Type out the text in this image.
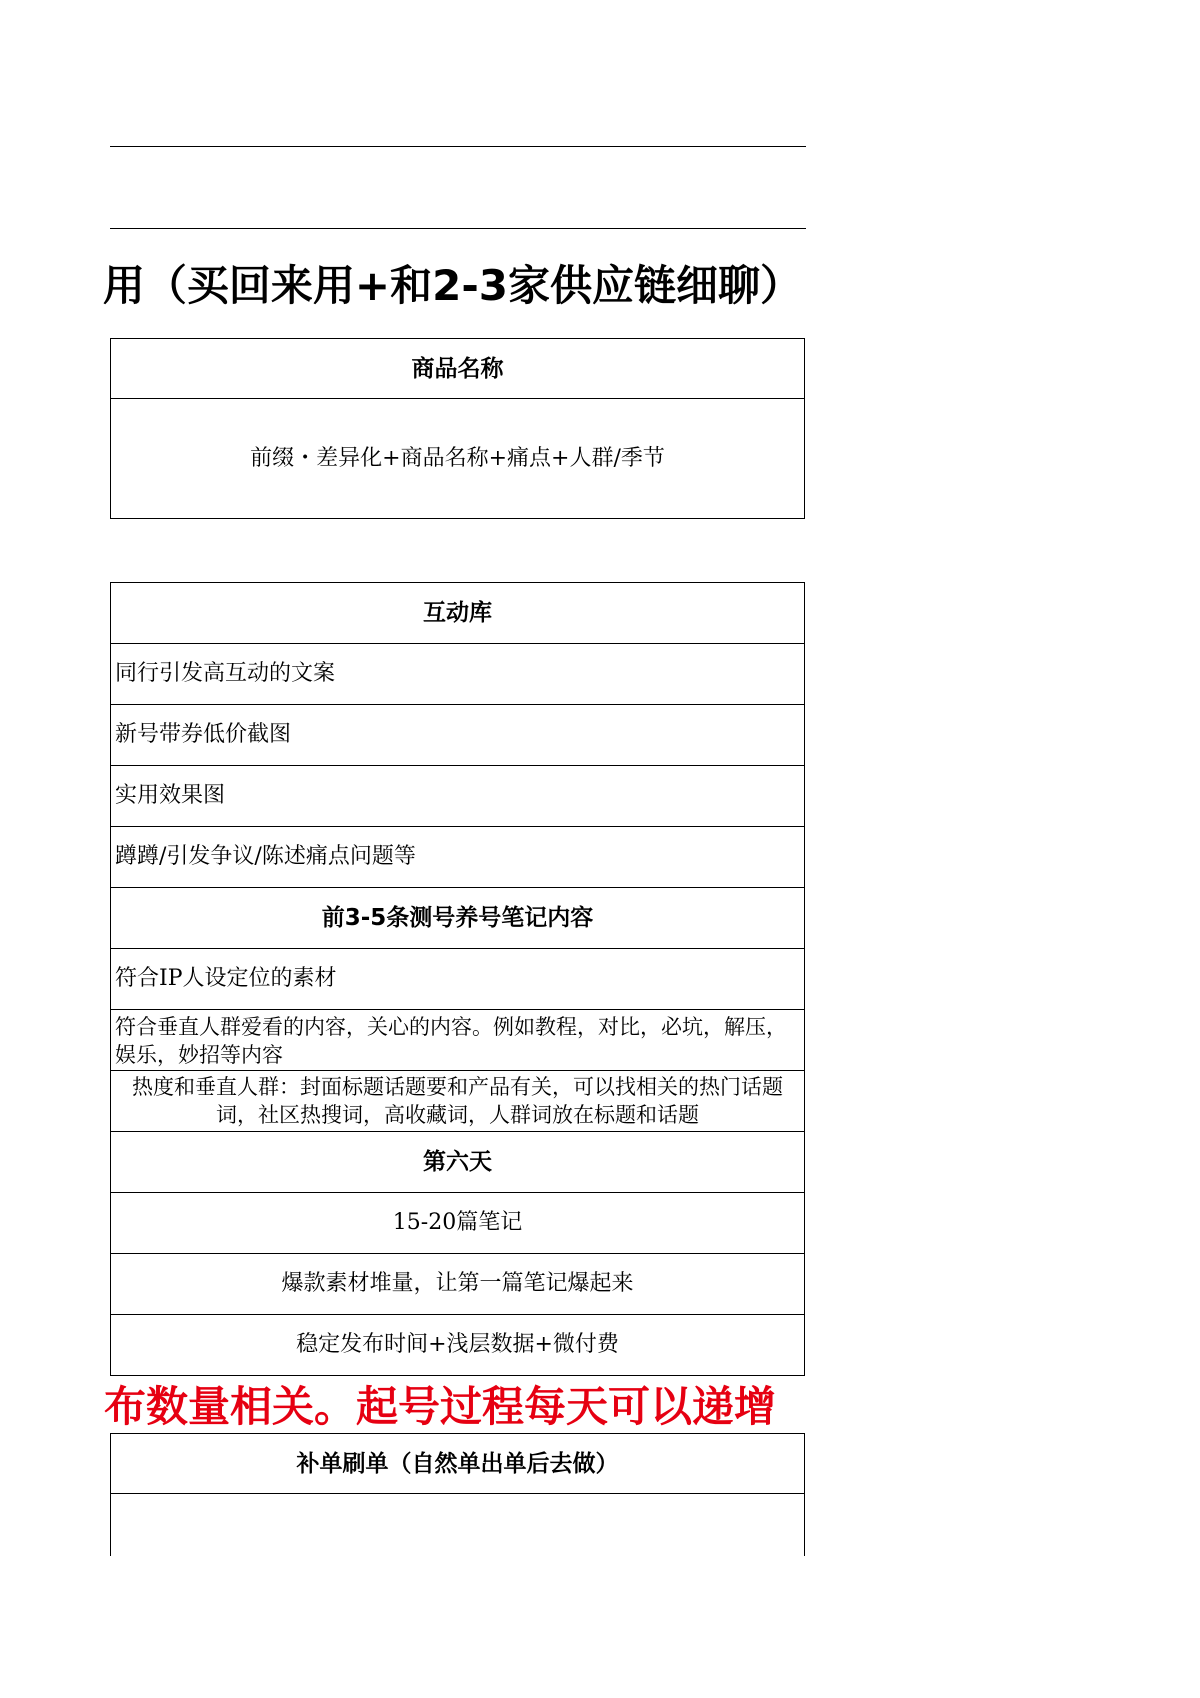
用（买回来用+和2-3家供应链细聊）
商品名称
前缀・差异化+商品名称+痛点+人群/季节
互动库
同行引发高互动的文案
新号带券低价截图
实用效果图
蹲蹲/引发争议/陈述痛点问题等
前3-5条测号养号笔记内容
符合IP人设定位的素材
符合垂直人群爱看的内容，关心的内容。例如教程，对比，必坑，解压，娱乐，妙招等内容
热度和垂直人群：封面标题话题要和产品有关，可以找相关的热门话题词，社区热搜词，高收藏词，人群词放在标题和话题
第六天
15-20篇笔记
爆款素材堆量，让第一篇笔记爆起来
稳定发布时间+浅层数据+微付费
布数量相关。起号过程每天可以递增
补单刷单（自然单出单后去做）
